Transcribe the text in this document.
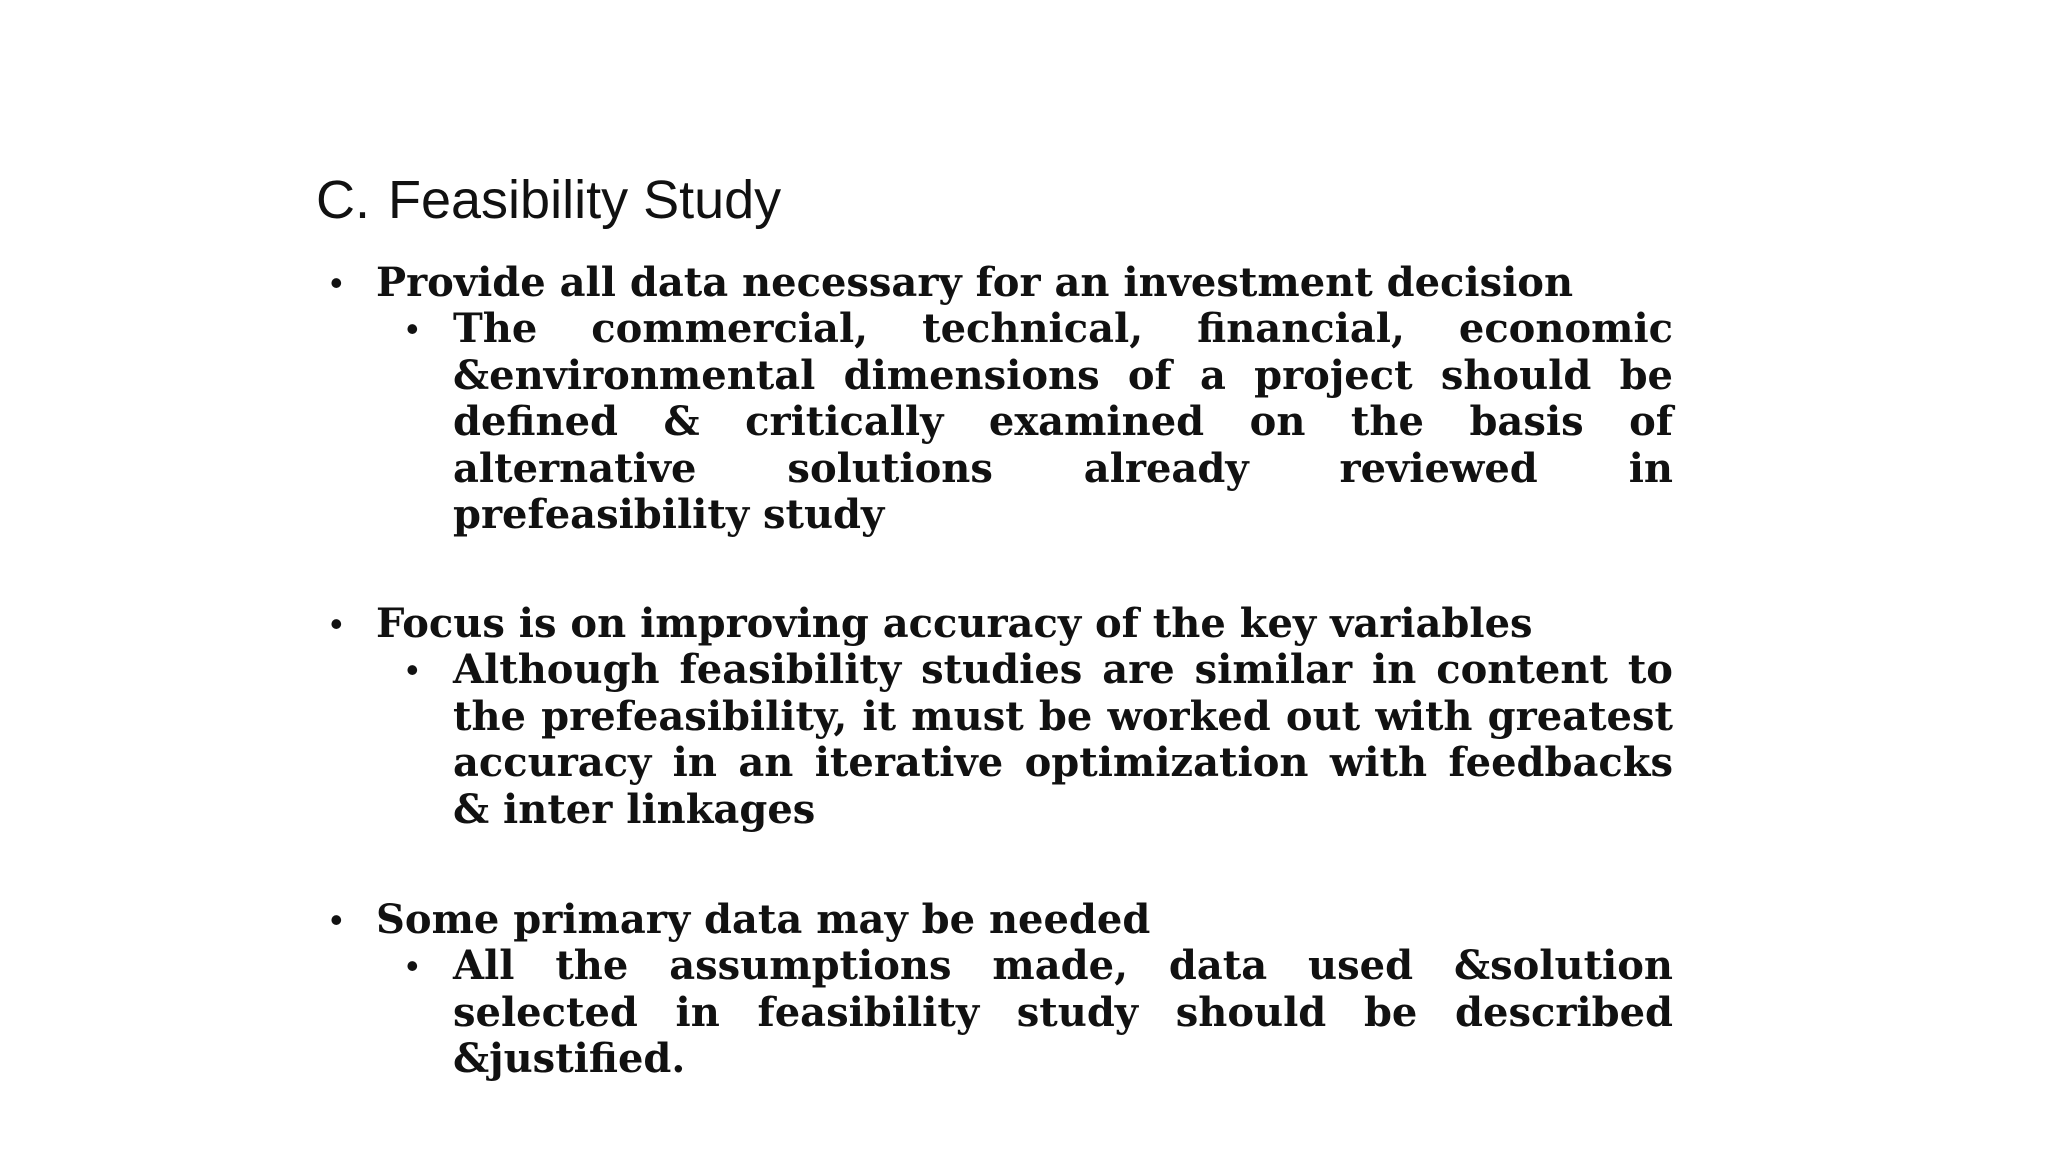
C. Feasibility Study
• Provide all data necessary for an investment decision
• The commercial, technical, financial, economic &environmental dimensions of a project should be defined & critically examined on the basis of alternative solutions already reviewed in prefeasibility study
• Focus is on improving accuracy of the key variables
• Although feasibility studies are similar in content to the prefeasibility, it must be worked out with greatest accuracy in an iterative optimization with feedbacks & inter linkages
• Some primary data may be needed
• All the assumptions made, data used &solution selected in feasibility study should be described &justified.
